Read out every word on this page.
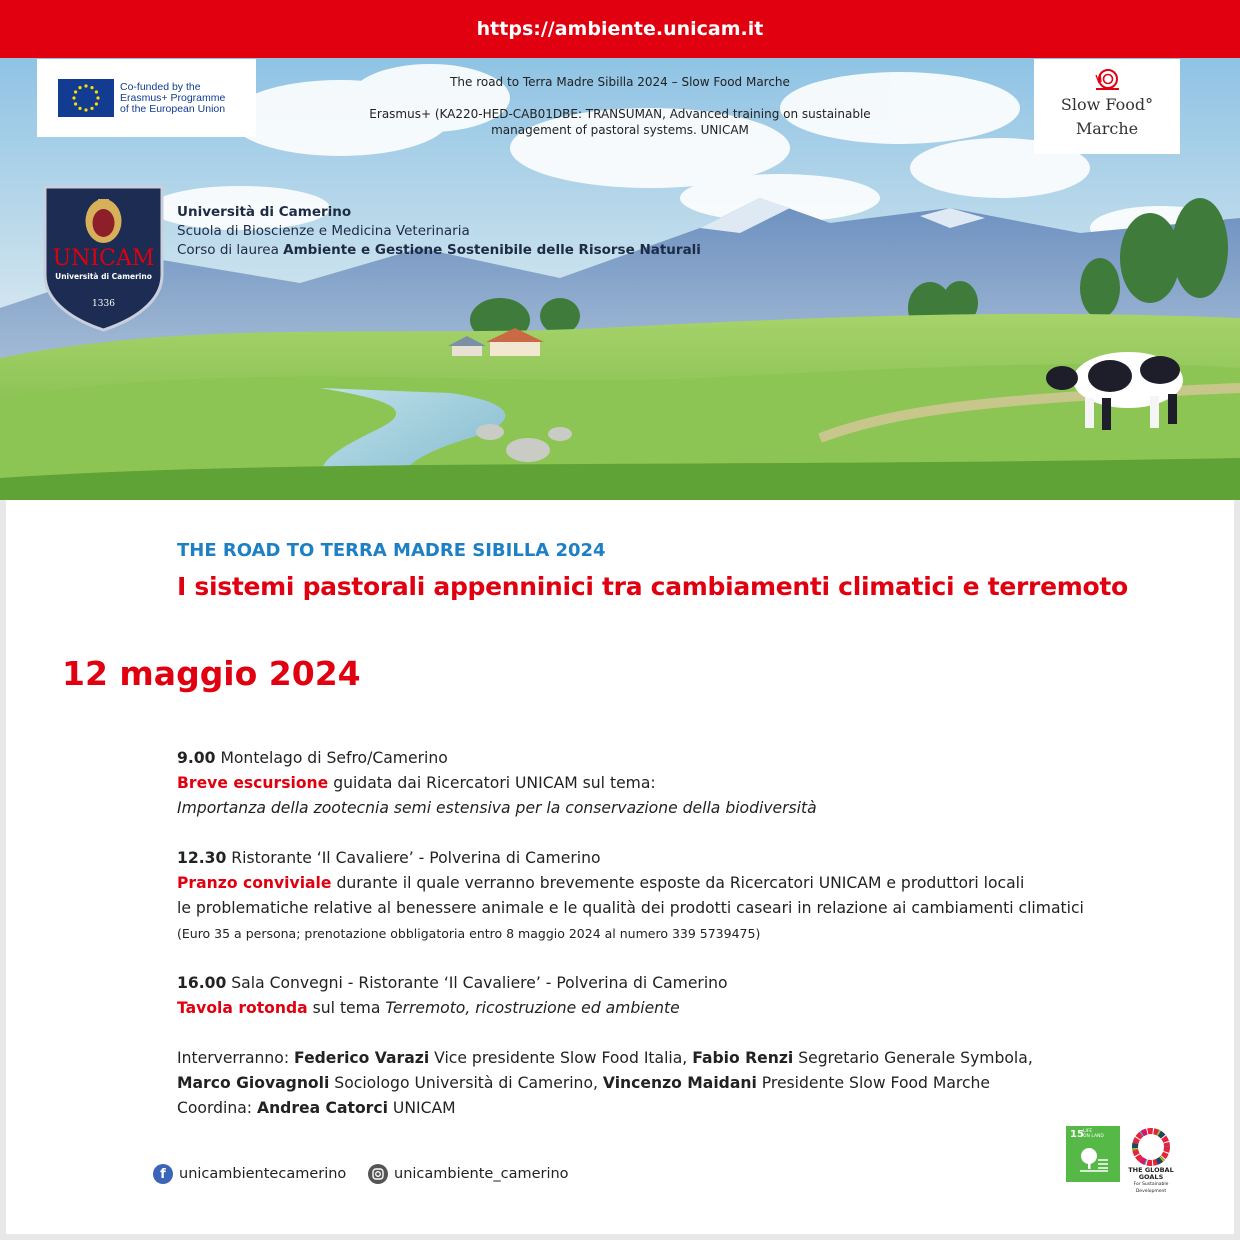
https://ambiente.unicam.it
Co-funded by the
Erasmus+ Programme
of the European Union
The road to Terra Madre Sibilla 2024 – Slow Food Marche
Erasmus+ (KA220-HED-CAB01DBE: TRANSUMAN, Advanced training on sustainable
management of pastoral systems. UNICAM
Slow Food°
Marche
UNICAM
Università di Camerino
1336
Università di Camerino
Scuola di Bioscienze e Medicina Veterinaria
Corso di laurea Ambiente e Gestione Sostenibile delle Risorse Naturali
THE ROAD TO TERRA MADRE SIBILLA 2024
I sistemi pastorali appenninici tra cambiamenti climatici e terremoto
12 maggio 2024

9.00 Montelago di Sefro/Camerino

Breve escursione guidata dai Ricercatori UNICAM sul tema:

Importanza della zootecnia semi estensiva per la conservazione della biodiversità

12.30 Ristorante ‘Il Cavaliere’ - Polverina di Camerino

Pranzo conviviale durante il quale verranno brevemente esposte da Ricercatori UNICAM e produttori locali

le problematiche relative al benessere animale e le qualità dei prodotti caseari in relazione ai cambiamenti climatici

(Euro 35 a persona; prenotazione obbligatoria entro 8 maggio 2024 al numero 339 5739475)

16.00 Sala Convegni - Ristorante ‘Il Cavaliere’ - Polverina di Camerino

Tavola rotonda sul tema Terremoto, ricostruzione ed ambiente

Interverranno: Federico Varazi Vice presidente Slow Food Italia, Fabio Renzi Segretario Generale Symbola,

Marco Giovagnoli Sociologo Università di Camerino, Vincenzo Maidani Presidente Slow Food Marche

Coordina: Andrea Catorci UNICAM

f unicambientecamerino	unicambiente_camerino
15 LIFE
ON LAND
THE GLOBAL GOALS
For Sustainable Development
